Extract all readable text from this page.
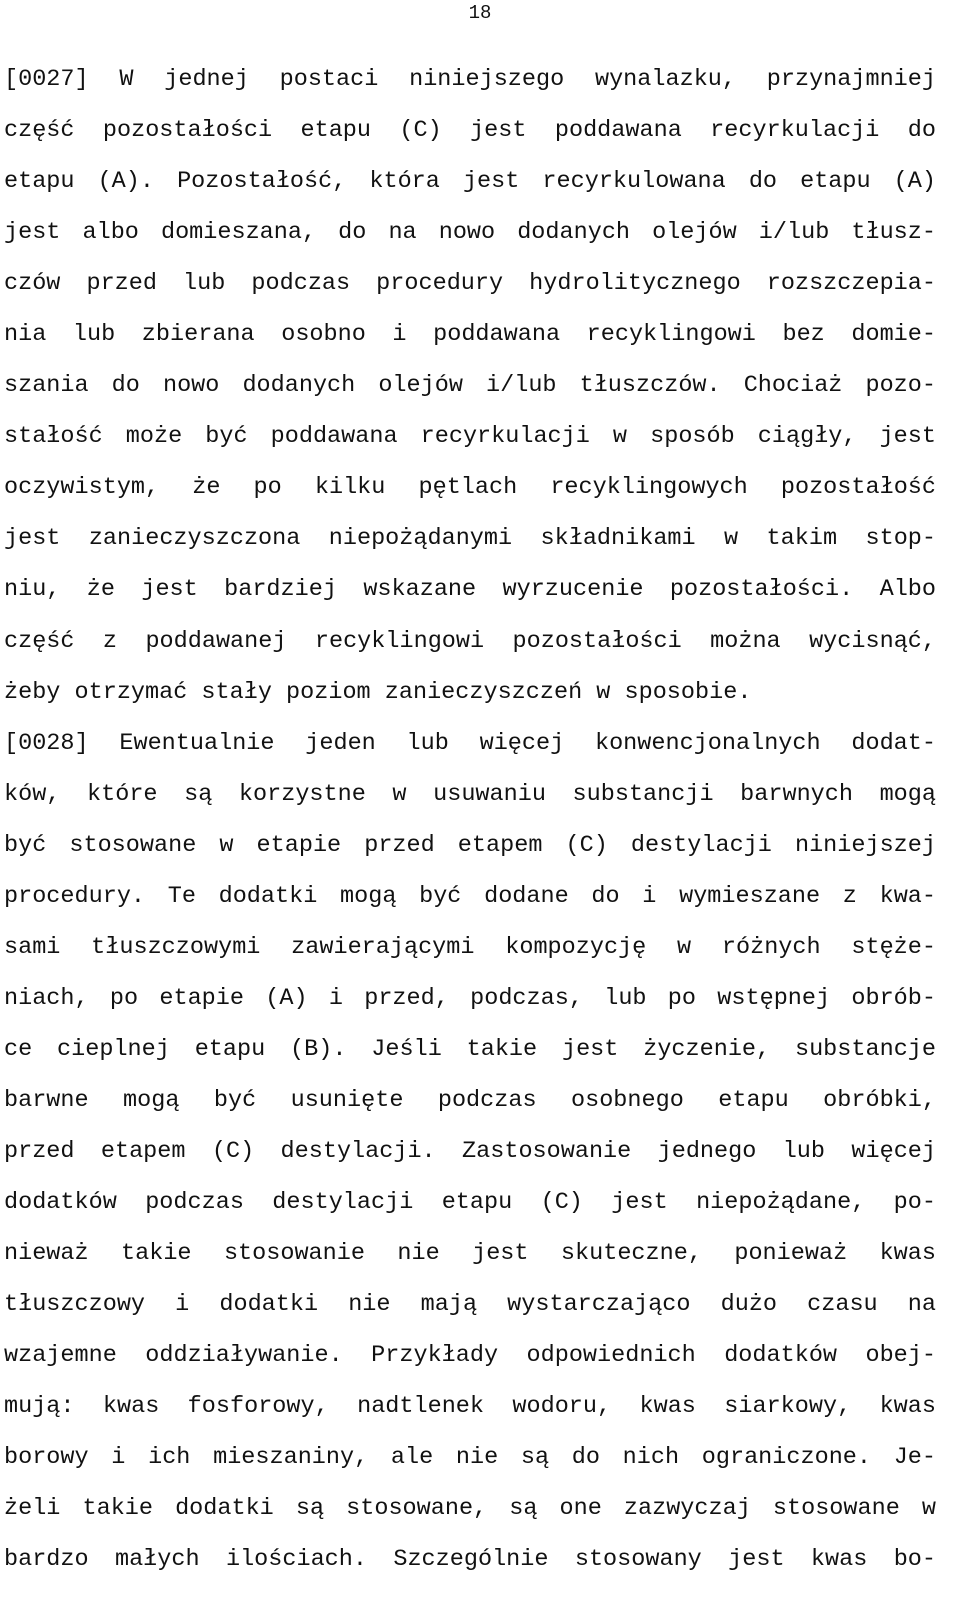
18
[0027] W jednej postaci niniejszego wynalazku, przynajmniej
część pozostałości etapu (C) jest poddawana recyrkulacji do
etapu (A). Pozostałość, która jest recyrkulowana do etapu (A)
jest albo domieszana, do na nowo dodanych olejów i/lub tłusz-
czów przed lub podczas procedury hydrolitycznego rozszczepia-
nia lub zbierana osobno i poddawana recyklingowi bez domie-
szania do nowo dodanych olejów i/lub tłuszczów. Chociaż pozo-
stałość może być poddawana recyrkulacji w sposób ciągły, jest
oczywistym, że po kilku pętlach recyklingowych pozostałość
jest zanieczyszczona niepożądanymi składnikami w takim stop-
niu, że jest bardziej wskazane wyrzucenie pozostałości. Albo
część z poddawanej recyklingowi pozostałości można wycisnąć,
żeby otrzymać stały poziom zanieczyszczeń w sposobie.
[0028] Ewentualnie jeden lub więcej konwencjonalnych dodat-
ków, które są korzystne w usuwaniu substancji barwnych mogą
być stosowane w etapie przed etapem (C) destylacji niniejszej
procedury. Te dodatki mogą być dodane do i wymieszane z kwa-
sami tłuszczowymi zawierającymi kompozycję w różnych stęże-
niach, po etapie (A) i przed, podczas, lub po wstępnej obrób-
ce cieplnej etapu (B). Jeśli takie jest życzenie, substancje
barwne mogą być usunięte podczas osobnego etapu obróbki,
przed etapem (C) destylacji. Zastosowanie jednego lub więcej
dodatków podczas destylacji etapu (C) jest niepożądane, po-
nieważ takie stosowanie nie jest skuteczne, ponieważ kwas
tłuszczowy i dodatki nie mają wystarczająco dużo czasu na
wzajemne oddziaływanie. Przykłady odpowiednich dodatków obej-
mują: kwas fosforowy, nadtlenek wodoru, kwas siarkowy, kwas
borowy i ich mieszaniny, ale nie są do nich ograniczone. Je-
żeli takie dodatki są stosowane, są one zazwyczaj stosowane w
bardzo małych ilościach. Szczególnie stosowany jest kwas bo-
